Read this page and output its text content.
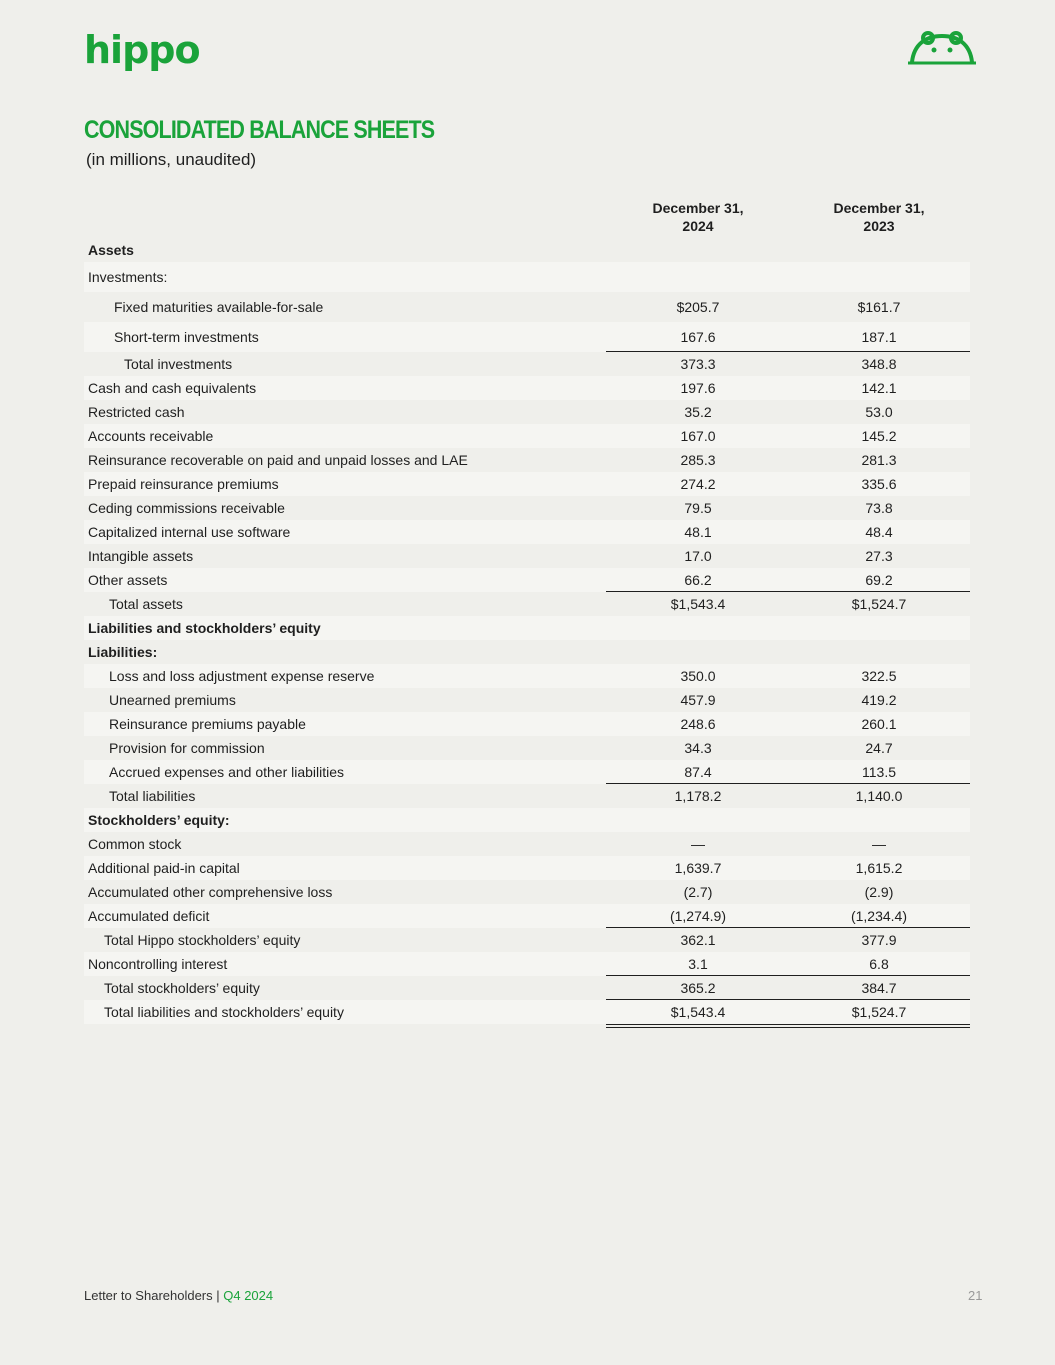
hippo
CONSOLIDATED BALANCE SHEETS
(in millions, unaudited)
December 31,
2024
December 31,
2023
Assets
Investments:
Fixed maturities available-for-sale	$205.7	$161.7
Short-term investments	167.6	187.1
Total investments	373.3	348.8
Cash and cash equivalents	197.6	142.1
Restricted cash	35.2	53.0
Accounts receivable	167.0	145.2
Reinsurance recoverable on paid and unpaid losses and LAE	285.3	281.3
Prepaid reinsurance premiums	274.2	335.6
Ceding commissions receivable	79.5	73.8
Capitalized internal use software	48.1	48.4
Intangible assets	17.0	27.3
Other assets	66.2	69.2
Total assets	$1,543.4	$1,524.7
Liabilities and stockholders’ equity
Liabilities:
Loss and loss adjustment expense reserve	350.0	322.5
Unearned premiums	457.9	419.2
Reinsurance premiums payable	248.6	260.1
Provision for commission	34.3	24.7
Accrued expenses and other liabilities	87.4	113.5
Total liabilities	1,178.2	1,140.0
Stockholders’ equity:
Common stock	—	—
Additional paid-in capital	1,639.7	1,615.2
Accumulated other comprehensive loss	(2.7)	(2.9)
Accumulated deficit	(1,274.9)	(1,234.4)
Total Hippo stockholders’ equity	362.1	377.9
Noncontrolling interest	3.1	6.8
Total stockholders’ equity	365.2	384.7
Total liabilities and stockholders’ equity	$1,543.4	$1,524.7
Letter to Shareholders | Q4 2024	21
